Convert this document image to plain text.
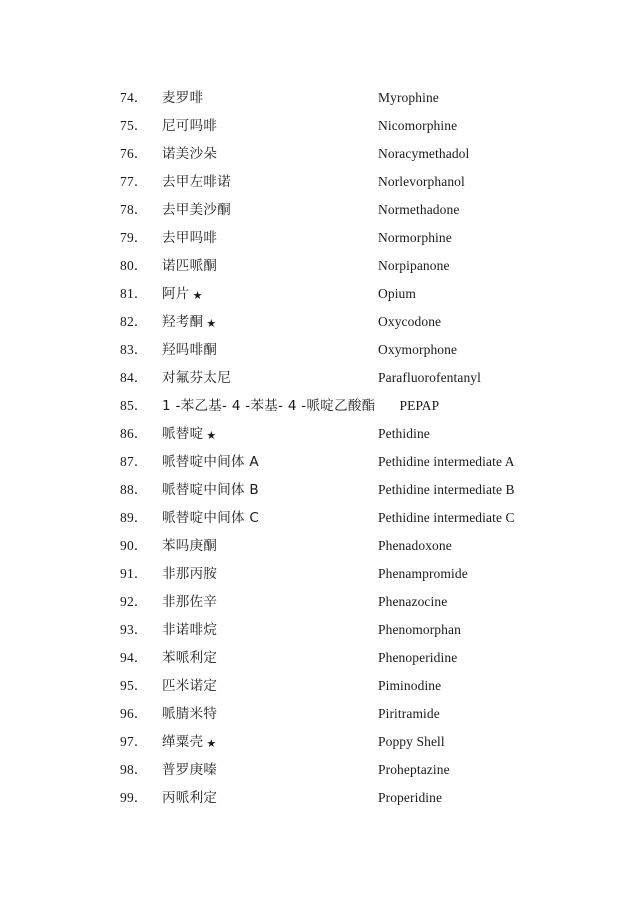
74．	麦罗啡	Myrophine
75．	尼可吗啡	Nicomorphine
76．	诺美沙朵	Noracymethadol
77．	去甲左啡诺	Norlevorphanol
78．	去甲美沙酮	Normethadone
79．	去甲吗啡	Normorphine
80．	诺匹哌酮	Norpipanone
81．	阿片 ★	Opium
82．	羟考酮 ★	Oxycodone
83．	羟吗啡酮	Oxymorphone
84．	对氟芬太尼	Parafluorofentanyl
85．	1 -苯乙基- 4 -苯基- 4 -哌啶乙酸酯	PEPAP
86．	哌替啶 ★	Pethidine
87．	哌替啶中间体 A	Pethidine intermediate A
88．	哌替啶中间体 B	Pethidine intermediate B
89．	哌替啶中间体 C	Pethidine intermediate C
90．	苯吗庚酮	Phenadoxone
91．	非那丙胺	Phenampromide
92．	非那佐辛	Phenazocine
93．	非诺啡烷	Phenomorphan
94．	苯哌利定	Phenoperidine
95．	匹米诺定	Piminodine
96．	哌腈米特	Piritramide
97．	缂粟壳 ★	Poppy Shell
98．	普罗庚嗪	Proheptazine
99．	丙哌利定	Properidine
